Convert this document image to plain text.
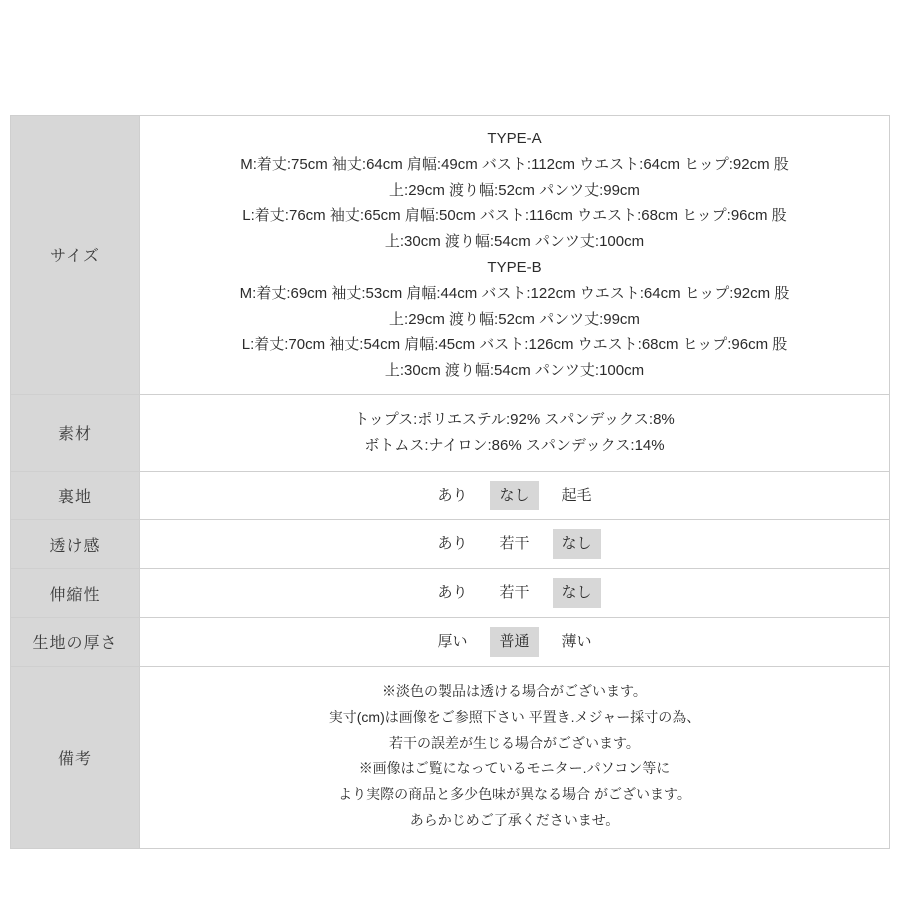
サイズ	
TYPE-A
M:着丈:75cm 袖丈:64cm 肩幅:49cm バスト:112cm ウエスト:64cm ヒップ:92cm 股
上:29cm 渡り幅:52cm パンツ丈:99cm
L:着丈:76cm 袖丈:65cm 肩幅:50cm バスト:116cm ウエスト:68cm ヒップ:96cm 股
上:30cm 渡り幅:54cm パンツ丈:100cm
TYPE-B
M:着丈:69cm 袖丈:53cm 肩幅:44cm バスト:122cm ウエスト:64cm ヒップ:92cm 股
上:29cm 渡り幅:52cm パンツ丈:99cm
L:着丈:70cm 袖丈:54cm 肩幅:45cm バスト:126cm ウエスト:68cm ヒップ:96cm 股
上:30cm 渡り幅:54cm パンツ丈:100cm

素材	トップス:ポリエステル:92% スパンデックス:8%
ボトムス:ナイロン:86% スパンデックス:14%

裏地	あり なし 起毛

透け感	あり 若干 なし

伸縮性	あり 若干 なし

生地の厚さ	厚い 普通 薄い

備考	
※淡色の製品は透ける場合がございます。
実寸(cm)は画像をご参照下さい 平置き.メジャー採寸の為、
若干の誤差が生じる場合がございます。
※画像はご覧になっているモニター.パソコン等に
より実際の商品と多少色味が異なる場合 がございます。
あらかじめご了承くださいませ。
